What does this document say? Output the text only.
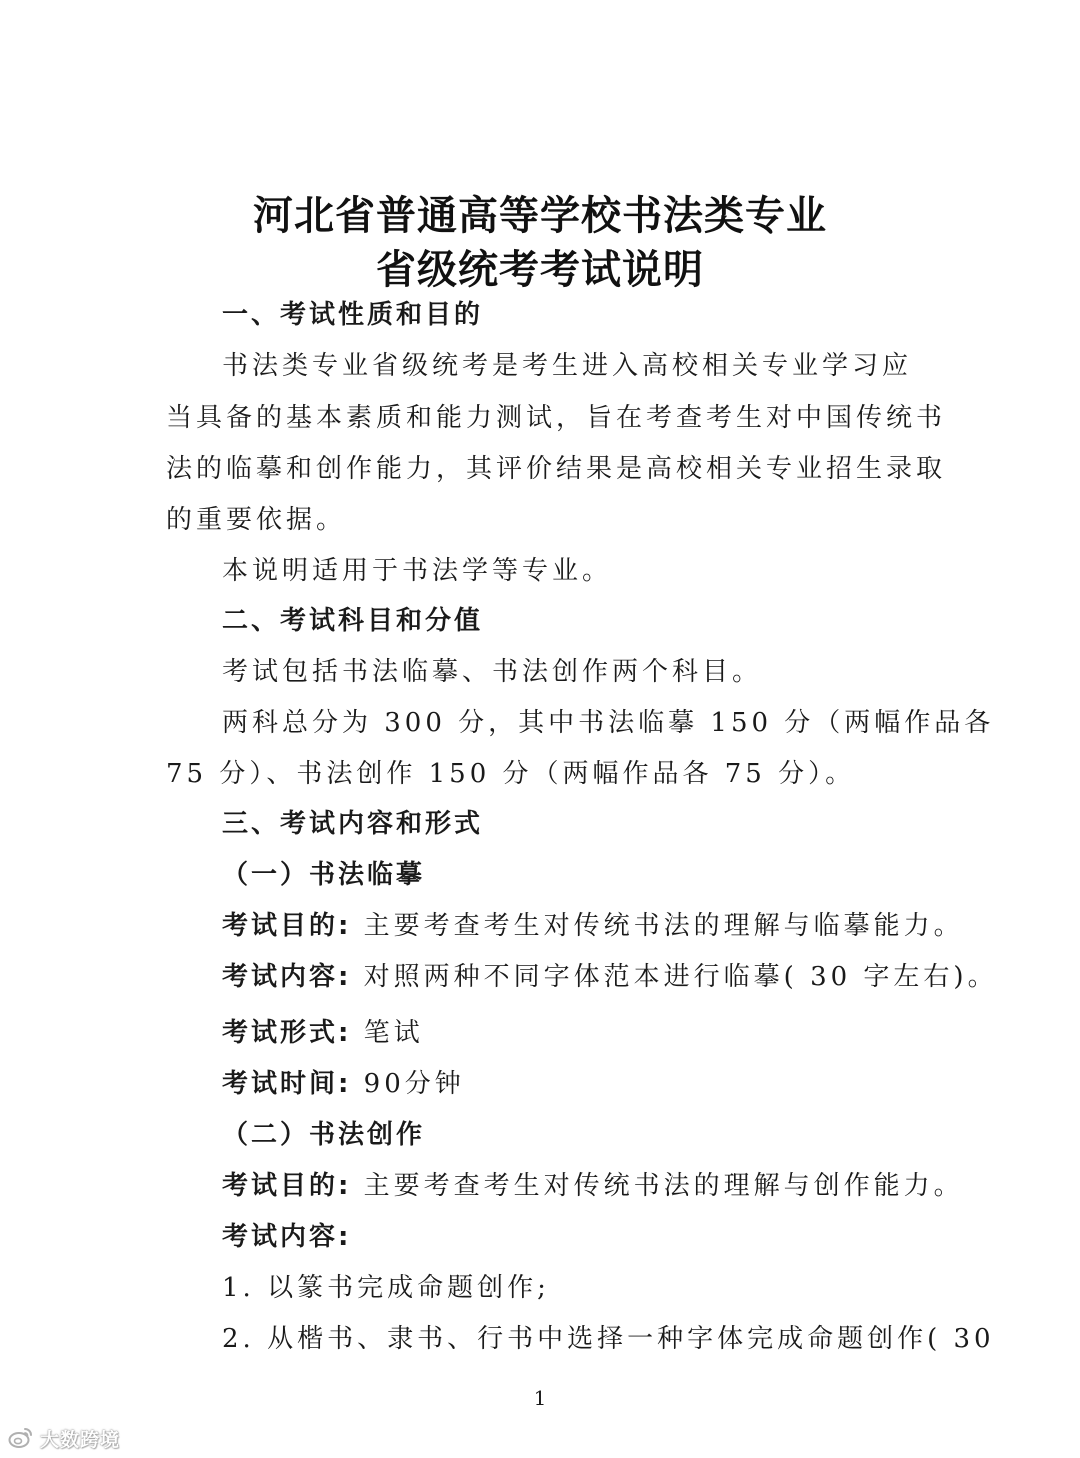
河北省普通高等学校书法类专业
省级统考考试说明
一、考试性质和目的
书法类专业省级统考是考生进入高校相关专业学习应
当具备的基本素质和能力测试，旨在考查考生对中国传统书
法的临摹和创作能力，其评价结果是高校相关专业招生录取
的重要依据。
本说明适用于书法学等专业。
二、考试科目和分值
考试包括书法临摹、书法创作两个科目。
两科总分为 300 分，其中书法临摹 150 分（两幅作品各
75 分）、书法创作 150 分（两幅作品各 75 分）。
三、考试内容和形式
（一）书法临摹
考试目的: 主要考查考生对传统书法的理解与临摹能力。
考试内容: 对照两种不同字体范本进行临摹( 30 字左右)。
考试形式: 笔试
考试时间: 90分钟
（二）书法创作
考试目的: 主要考查考生对传统书法的理解与创作能力。
考试内容:
1. 以篆书完成命题创作;
2. 从楷书、隶书、行书中选择一种字体完成命题创作( 30
1
大数跨境
